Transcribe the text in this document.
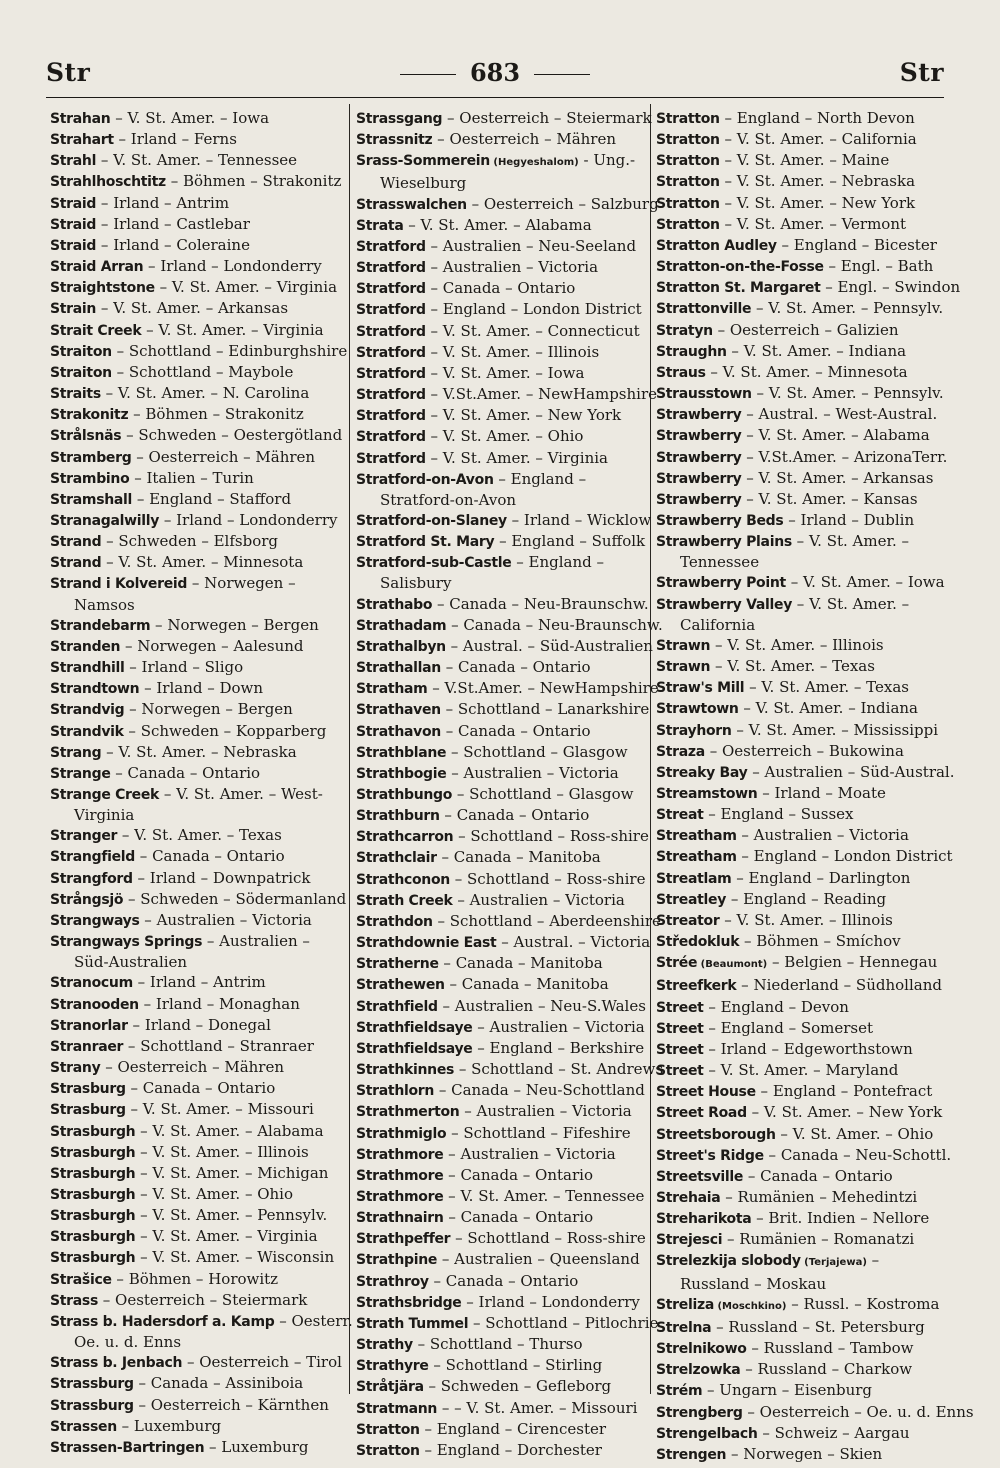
Str	683	Str
Strahan – V. St. Amer. – Iowa
Strahart – Irland – Ferns
Strahl – V. St. Amer. – Tennessee
Strahlhoschtitz – Böhmen – Strakonitz
Straid – Irland – Antrim
Straid – Irland – Castlebar
Straid – Irland – Coleraine
Straid Arran – Irland – Londonderry
Straightstone – V. St. Amer. – Virginia
Strain – V. St. Amer. – Arkansas
Strait Creek – V. St. Amer. – Virginia
Straiton – Schottland – Edinburghshire
Straiton – Schottland – Maybole
Straits – V. St. Amer. – N. Carolina
Strakonitz – Böhmen – Strakonitz
Strålsnäs – Schweden – Oestergötland
Stramberg – Oesterreich – Mähren
Strambino – Italien – Turin
Stramshall – England – Stafford
Stranagalwilly – Irland – Londonderry
Strand – Schweden – Elfsborg
Strand – V. St. Amer. – Minnesota
Strand i Kolvereid – Norwegen –
Namsos
Strandebarm – Norwegen – Bergen
Stranden – Norwegen – Aalesund
Strandhill – Irland – Sligo
Strandtown – Irland – Down
Strandvig – Norwegen – Bergen
Strandvik – Schweden – Kopparberg
Strang – V. St. Amer. – Nebraska
Strange – Canada – Ontario
Strange Creek – V. St. Amer. – West-
Virginia
Stranger – V. St. Amer. – Texas
Strangfield – Canada – Ontario
Strangford – Irland – Downpatrick
Strångsjö – Schweden – Södermanland
Strangways – Australien – Victoria
Strangways Springs – Australien –
Süd-Australien
Stranocum – Irland – Antrim
Stranooden – Irland – Monaghan
Stranorlar – Irland – Donegal
Stranraer – Schottland – Stranraer
Strany – Oesterreich – Mähren
Strasburg – Canada – Ontario
Strasburg – V. St. Amer. – Missouri
Strasburgh – V. St. Amer. – Alabama
Strasburgh – V. St. Amer. – Illinois
Strasburgh – V. St. Amer. – Michigan
Strasburgh – V. St. Amer. – Ohio
Strasburgh – V. St. Amer. – Pennsylv.
Strasburgh – V. St. Amer. – Virginia
Strasburgh – V. St. Amer. – Wisconsin
Strašice – Böhmen – Horowitz
Strass – Oesterreich – Steiermark
Strass b. Hadersdorf a. Kamp – Oesterr. –
Oe. u. d. Enns
Strass b. Jenbach – Oesterreich – Tirol
Strassburg – Canada – Assiniboia
Strassburg – Oesterreich – Kärnthen
Strassen – Luxemburg
Strassen-Bartringen – Luxemburg
Strassgang – Oesterreich – Steiermark
Strassnitz – Oesterreich – Mähren
Srass-Sommerein (Hegyeshalom) - Ung.-
Wieselburg
Strasswalchen – Oesterreich – Salzburg
Strata – V. St. Amer. – Alabama
Stratford – Australien – Neu-Seeland
Stratford – Australien – Victoria
Stratford – Canada – Ontario
Stratford – England – London District
Stratford – V. St. Amer. – Connecticut
Stratford – V. St. Amer. – Illinois
Stratford – V. St. Amer. – Iowa
Stratford – V.St.Amer. – NewHampshire
Stratford – V. St. Amer. – New York
Stratford – V. St. Amer. – Ohio
Stratford – V. St. Amer. – Virginia
Stratford-on-Avon – England –
Stratford-on-Avon
Stratford-on-Slaney – Irland – Wicklow
Stratford St. Mary – England – Suffolk
Stratford-sub-Castle – England –
Salisbury
Strathabo – Canada – Neu-Braunschw.
Strathadam – Canada – Neu-Braunschw.
Strathalbyn – Austral. – Süd-Australien
Strathallan – Canada – Ontario
Stratham – V.St.Amer. – NewHampshire
Strathaven – Schottland – Lanarkshire
Strathavon – Canada – Ontario
Strathblane – Schottland – Glasgow
Strathbogie – Australien – Victoria
Strathbungo – Schottland – Glasgow
Strathburn – Canada – Ontario
Strathcarron – Schottland – Ross-shire
Strathclair – Canada – Manitoba
Strathconon – Schottland – Ross-shire
Strath Creek – Australien – Victoria
Strathdon – Schottland – Aberdeenshire
Strathdownie East – Austral. – Victoria
Stratherne – Canada – Manitoba
Strathewen – Canada – Manitoba
Strathfield – Australien – Neu-S.Wales
Strathfieldsaye – Australien – Victoria
Strathfieldsaye – England – Berkshire
Strathkinnes – Schottland – St. Andrews
Strathlorn – Canada – Neu-Schottland
Strathmerton – Australien – Victoria
Strathmiglo – Schottland – Fifeshire
Strathmore – Australien – Victoria
Strathmore – Canada – Ontario
Strathmore – V. St. Amer. – Tennessee
Strathnairn – Canada – Ontario
Strathpeffer – Schottland – Ross-shire
Strathpine – Australien – Queensland
Strathroy – Canada – Ontario
Strathsbridge – Irland – Londonderry
Strath Tummel – Schottland – Pitlochrie
Strathy – Schottland – Thurso
Strathyre – Schottland – Stirling
Stråtjära – Schweden – Gefleborg
Stratmann – – V. St. Amer. – Missouri
Stratton – England – Cirencester
Stratton – England – Dorchester
Stratton – England – North Devon
Stratton – V. St. Amer. – California
Stratton – V. St. Amer. – Maine
Stratton – V. St. Amer. – Nebraska
Stratton – V. St. Amer. – New York
Stratton – V. St. Amer. – Vermont
Stratton Audley – England – Bicester
Stratton-on-the-Fosse – Engl. – Bath
Stratton St. Margaret – Engl. – Swindon
Strattonville – V. St. Amer. – Pennsylv.
Stratyn – Oesterreich – Galizien
Straughn – V. St. Amer. – Indiana
Straus – V. St. Amer. – Minnesota
Strausstown – V. St. Amer. – Pennsylv.
Strawberry – Austral. – West-Austral.
Strawberry – V. St. Amer. – Alabama
Strawberry – V.St.Amer. – ArizonaTerr.
Strawberry – V. St. Amer. – Arkansas
Strawberry – V. St. Amer. – Kansas
Strawberry Beds – Irland – Dublin
Strawberry Plains – V. St. Amer. –
Tennessee
Strawberry Point – V. St. Amer. – Iowa
Strawberry Valley – V. St. Amer. –
California
Strawn – V. St. Amer. – Illinois
Strawn – V. St. Amer. – Texas
Straw's Mill – V. St. Amer. – Texas
Strawtown – V. St. Amer. – Indiana
Strayhorn – V. St. Amer. – Mississippi
Straza – Oesterreich – Bukowina
Streaky Bay – Australien – Süd-Austral.
Streamstown – Irland – Moate
Streat – England – Sussex
Streatham – Australien – Victoria
Streatham – England – London District
Streatlam – England – Darlington
Streatley – England – Reading
Streator – V. St. Amer. – Illinois
Středokluk – Böhmen – Smíchov
Strée (Beaumont) – Belgien – Hennegau
Streefkerk – Niederland – Südholland
Street – England – Devon
Street – England – Somerset
Street – Irland – Edgeworthstown
Street – V. St. Amer. – Maryland
Street House – England – Pontefract
Street Road – V. St. Amer. – New York
Streetsborough – V. St. Amer. – Ohio
Street's Ridge – Canada – Neu-Schottl.
Streetsville – Canada – Ontario
Strehaia – Rumänien – Mehedintzi
Streharikota – Brit. Indien – Nellore
Strejesci – Rumänien – Romanatzi
Strelezkija slobody (Terjajewa) –
Russland – Moskau
Streliza (Moschkino) – Russl. – Kostroma
Strelna – Russland – St. Petersburg
Strelnikowo – Russland – Tambow
Strelzowka – Russland – Charkow
Strém – Ungarn – Eisenburg
Strengberg – Oesterreich – Oe. u. d. Enns
Strengelbach – Schweiz – Aargau
Strengen – Norwegen – Skien
